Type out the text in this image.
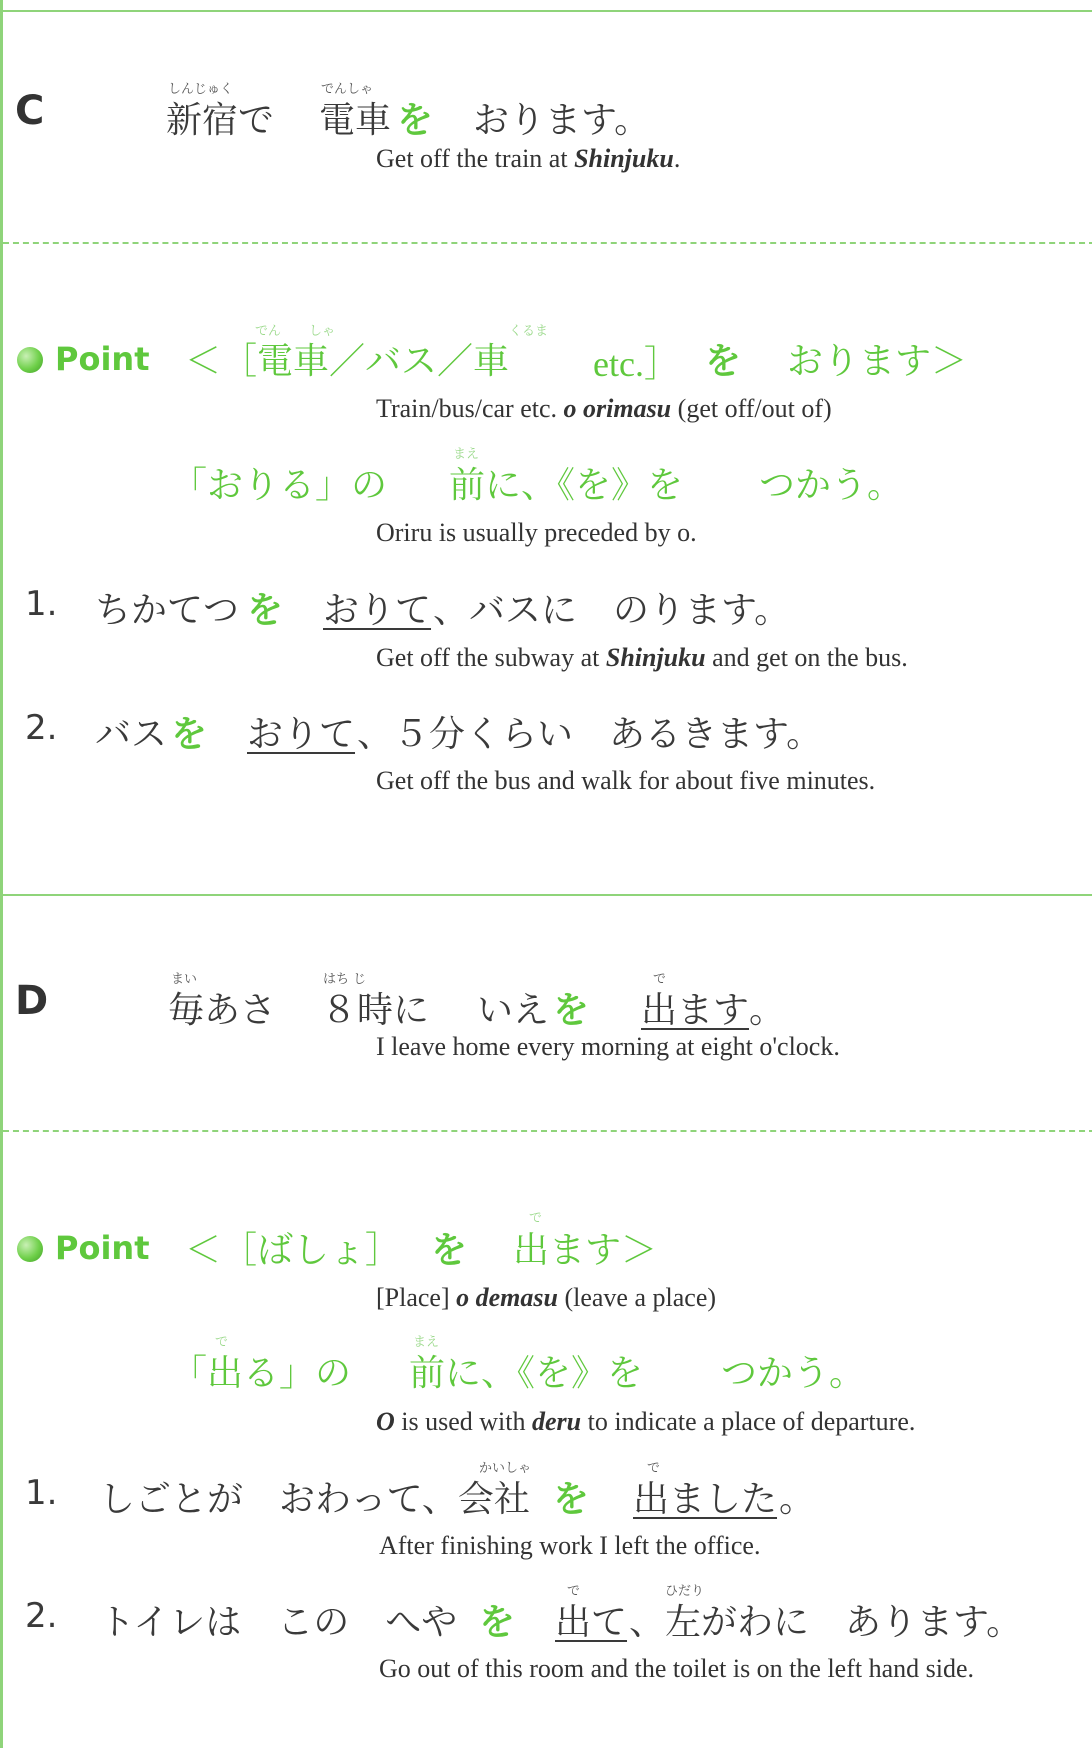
C	しんじゅく	でんしゃ
新宿で 電車 を おります。
Get off the train at Shinjuku.
Point
でん しゃ	くるま
＜［電車／バス／車 etc.］ を おります＞
Train/bus/car etc. o orimasu (get off/out of)
まえ
「おりる」の 前に、《を》を つかう。
Oriru is usually preceded by o.
1. ちかてつ を おりて 、バスに　のります。
Get off the subway at Shinjuku and get on the bus.
2. バス を おりて 、５分くらい　あるきます。
Get off the bus and walk for about five minutes.
D	まい	はち じ	で
毎あさ ８時に いえ を 出ます 。
I leave home every morning at eight o'clock.
Point
で
＜［ばしょ］ を 出ます＞
[Place] o demasu (leave a place)
で	まえ
「出る」の 前に、《を》を つかう。
O is used with deru to indicate a place of departure.
かいしゃ	で
1. しごとが　おわって、会社 を 出ました 。
After finishing work I left the office.
で	ひだり
2. トイレは　この　へや を 出て 、左がわに　あります。
Go out of this room and the toilet is on the left hand side.
